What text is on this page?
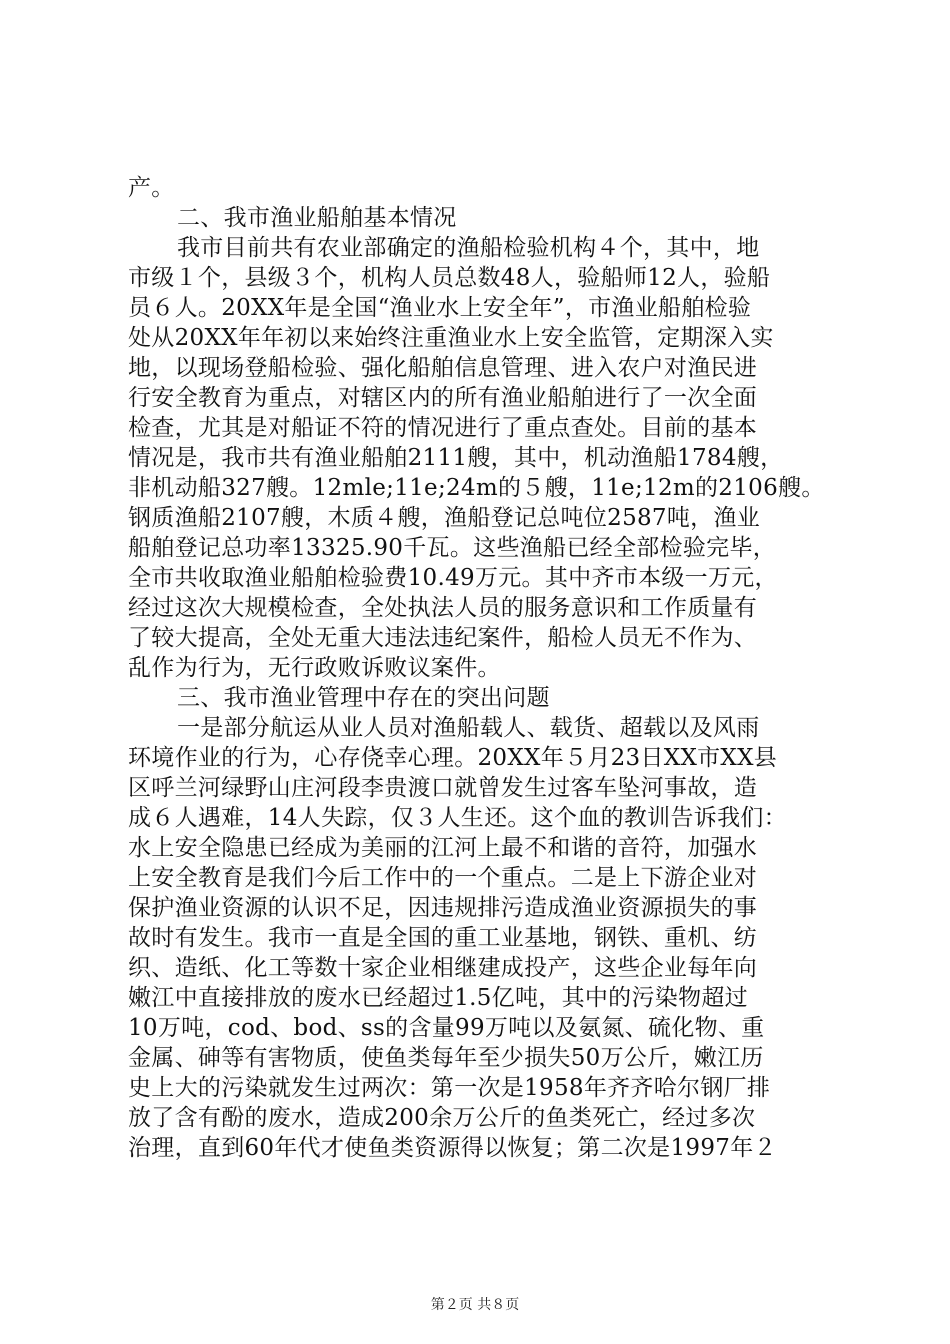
产。
二、我市渔业船舶基本情况
我市目前共有农业部确定的渔船检验机构４个，其中，地
市级１个，县级３个，机构人员总数48人，验船师12人，验船
员６人。20XX年是全国“渔业水上安全年”，市渔业船舶检验
处从20XX年年初以来始终注重渔业水上安全监管，定期深入实
地，以现场登船检验、强化船舶信息管理、进入农户对渔民进
行安全教育为重点，对辖区内的所有渔业船舶进行了一次全面
检查，尤其是对船证不符的情况进行了重点查处。目前的基本
情况是，我市共有渔业船舶2111艘，其中，机动渔船1784艘，
非机动船327艘。12mle;11e;24m的５艘，11e;12m的2106艘。
钢质渔船2107艘，木质４艘，渔船登记总吨位2587吨，渔业
船舶登记总功率13325.90千瓦。这些渔船已经全部检验完毕，
全市共收取渔业船舶检验费10.49万元。其中齐市本级一万元，
经过这次大规模检查，全处执法人员的服务意识和工作质量有
了较大提高，全处无重大违法违纪案件，船检人员无不作为、
乱作为行为，无行政败诉败议案件。
三、我市渔业管理中存在的突出问题
一是部分航运从业人员对渔船载人、载货、超载以及风雨
环境作业的行为，心存侥幸心理。20XX年５月23日XX市XX县
区呼兰河绿野山庄河段李贵渡口就曾发生过客车坠河事故，造
成６人遇难，14人失踪，仅３人生还。这个血的教训告诉我们：
水上安全隐患已经成为美丽的江河上最不和谐的音符，加强水
上安全教育是我们今后工作中的一个重点。二是上下游企业对
保护渔业资源的认识不足，因违规排污造成渔业资源损失的事
故时有发生。我市一直是全国的重工业基地，钢铁、重机、纺
织、造纸、化工等数十家企业相继建成投产，这些企业每年向
嫩江中直接排放的废水已经超过1.5亿吨，其中的污染物超过
10万吨，cod、bod、ss的含量99万吨以及氨氮、硫化物、重
金属、砷等有害物质，使鱼类每年至少损失50万公斤，嫩江历
史上大的污染就发生过两次：第一次是1958年齐齐哈尔钢厂排
放了含有酚的废水，造成200余万公斤的鱼类死亡，经过多次
治理，直到60年代才使鱼类资源得以恢复；第二次是1997年２
第２页 共８页
